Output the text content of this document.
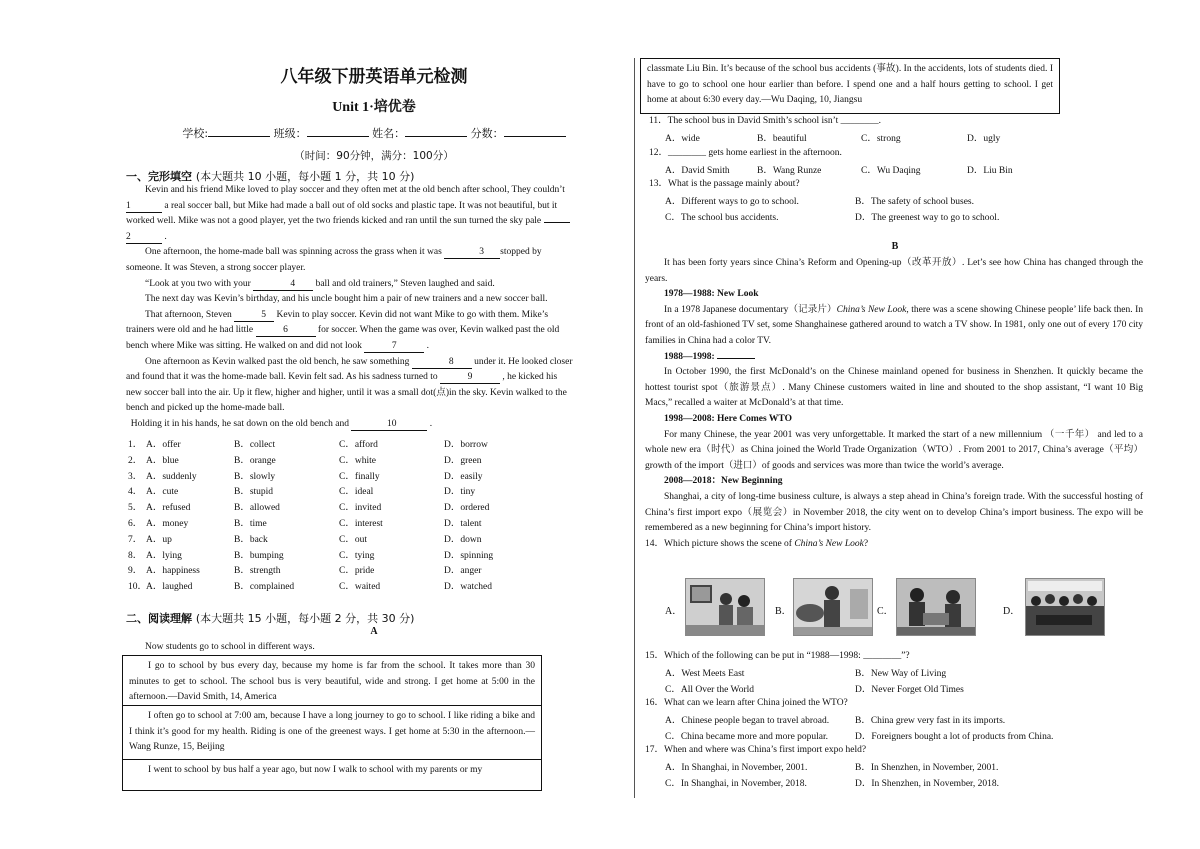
八年级下册英语单元检测
Unit 1·培优卷
学校:	班级：	姓名：	分数：
（时间：90分钟，满分：100分）
一、完形填空 (本大题共 10 小题，每小题 1 分，共 10 分)
Kevin and his friend Mike loved to play soccer and they often met at the old bench after school, They couldn’t
1	a real soccer ball, but Mike had made a ball out of old socks and plastic tape. It was not beautiful, but it
worked well. Mike was not a good player, yet the two friends kicked and ran until the sun turned the sky pale
2	.
One afternoon, the home-made ball was spinning across the grass when it was	3 stopped by
someone. It was Steven, a strong soccer player.
“Look at you two with your	4 ball and old trainers,” Steven laughed and said.
The next day was Kevin’s birthday, and his uncle bought him a pair of new trainers and a new soccer ball.
That afternoon, Steven	5 Kevin to play soccer. Kevin did not want Mike to go with them. Mike’s
trainers were old and he had little	6	for soccer. When the game was over, Kevin walked past the old
bench where Mike was sitting. He walked on and did not look	7	.
One afternoon as Kevin walked past the old bench, he saw something	8 under it. He looked closer
and found that it was the home-made ball. Kevin felt sad. As his sadness turned to	9	, he kicked his
new soccer ball into the air. Up it flew, higher and higher, until it was a small dot(点)in the sky. Kevin walked to the
bench and picked up the home-made ball.
Holding it in his hands, he sat down on the old bench and	10	.
1． A．offer	B．collect	C．afford	D．borrow
2． A．blue	B．orange	C．white	D．green
3． A．suddenly	B．slowly	C．finally	D．easily
4． A．cute	B．stupid	C．ideal	D．tiny
5． A．refused	B．allowed	C．invited	D．ordered
6． A．money	B．time	C．interest	D．talent
7． A．up	B．back	C．out	D．down
8． A．lying	B．bumping	C．tying	D．spinning
9． A．happiness	B．strength	C．pride	D．anger
10．
A．laughed	B．complained	C．waited	D．watched
二、阅读理解 (本大题共 15 小题，每小题 2 分，共 30 分)
A
Now students go to school in different ways.
I go to school by bus every day, because my home is far from the school. It takes more than 30 minutes to get to school. The school bus is very beautiful, wide and strong. I get home at 5:00 in the afternoon.—David Smith, 14, America
I often go to school at 7:00 am, because I have a long journey to go to school. I like riding a bike and I think it’s good for my health. Riding is one of the greenest ways. I get home at 5:30 in the afternoon.—Wang Runze, 15, Beijing
I went to school by bus half a year ago, but now I walk to school with my parents or my
classmate Liu Bin. It’s because of the school bus accidents (事故). In the accidents, lots of students died. I have to go to school one hour earlier than before. I spend one and a half hours getting to school. I get home at about 6:30 every day.—Wu Daqing, 10, Jiangsu
11．The school bus in David Smith’s school isn’t ________.
A．wide	B．beautiful	C．strong	D．ugly
12．________ gets home earliest in the afternoon.
A．David Smith	B．Wang Runze	C．Wu Daqing	D．Liu Bin
13．What is the passage mainly about?
A．Different ways to go to school.	B．The safety of school buses.
C．The school bus accidents.	D．The greenest way to go to school.
B
It has been forty years since China’s Reform and Opening-up（改革开放）. Let’s see how China has changed through the years.
1978—1988: New Look
In a 1978 Japanese documentary（记录片）China’s New Look, there was a scene showing Chinese people’ life back then. In front of an old-fashioned TV set, some Shanghainese gathered around to watch a TV show. In 1981, only one out of every 170 city families in China had a color TV.
1988—1998:
In October 1990, the first McDonald’s on the Chinese mainland opened for business in Shenzhen. It quickly became the hottest tourist spot（旅游景点）. Many Chinese customers waited in line and shouted to the shop assistant, “I want 10 Big Macs,” recalled a waiter at McDonald’s at that time.
1998—2008: Here Comes WTO
For many Chinese, the year 2001 was very unforgettable. It marked the start of a new millennium （一千年） and led to a whole new era（时代）as China joined the World Trade Organization（WTO）. From 2001 to 2017, China’s average（平均）growth of the import（进口）of goods and services was more than twice the world’s average.
2008—2018：New Beginning
Shanghai, a city of long-time business culture, is always a step ahead in China’s foreign trade. With the successful hosting of China’s first import expo（展览会）in November 2018, the city went on to develop China’s import business. The expo will be remembered as a new beginning for China’s import history.
14．Which picture shows the scene of China’s New Look?
A．	B．	C．	D．
15．Which of the following can be put in “1988—1998: ________”?
A．West Meets East	B．New Way of Living
C．All Over the World	D．Never Forget Old Times
16．What can we learn after China joined the WTO?
A．Chinese people began to travel abroad.	B．China grew very fast in its imports.
C．China became more and more popular.	D．Foreigners bought a lot of products from China.
17．When and where was China’s first import expo held?
A．In Shanghai, in November, 2001.	B．In Shenzhen, in November, 2001.
C．In Shanghai, in November, 2018.	D．In Shenzhen, in November, 2018.
